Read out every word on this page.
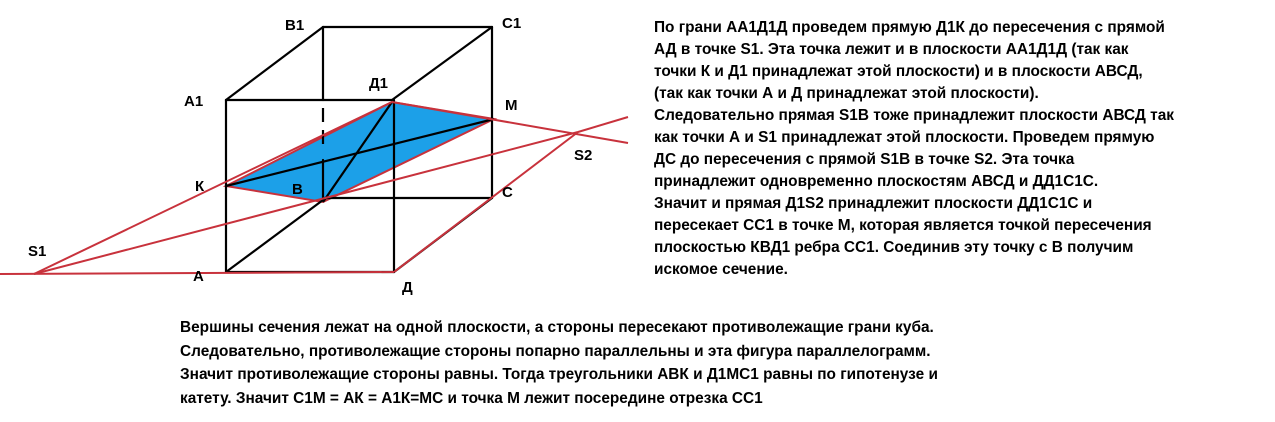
В1	С1
А1
Д1
М
К	В	С
S2
S1
А
Д
По грани АА1Д1Д проведем прямую Д1К до пересечения с прямой
АД в точке S1. Эта точка лежит и в плоскости АА1Д1Д (так как
точки К и Д1 принадлежат этой плоскости) и в плоскости АВСД,
(так как точки А и Д принадлежат этой плоскости).
Следовательно прямая S1В тоже принадлежит плоскости АВСД так
как точки А и S1 принадлежат этой плоскости. Проведем прямую
ДС до пересечения с прямой S1В в точке S2. Эта точка
принадлежит одновременно плоскостям АВСД и ДД1С1С.
Значит и прямая Д1S2 принадлежит плоскости ДД1С1С и
пересекает СС1 в точке М, которая является точкой пересечения
плоскостью КВД1 ребра СС1. Соединив эту точку с В получим
искомое сечение.
Вершины сечения лежат на одной плоскости, а стороны пересекают противолежащие грани куба.
Следовательно, противолежащие стороны попарно параллельны и эта фигура параллелограмм.
Значит противолежащие стороны равны. Тогда треугольники АВК и Д1МС1 равны по гипотенузе и
катету. Значит С1М = АК = А1К=МС и точка М лежит посередине отрезка СС1
